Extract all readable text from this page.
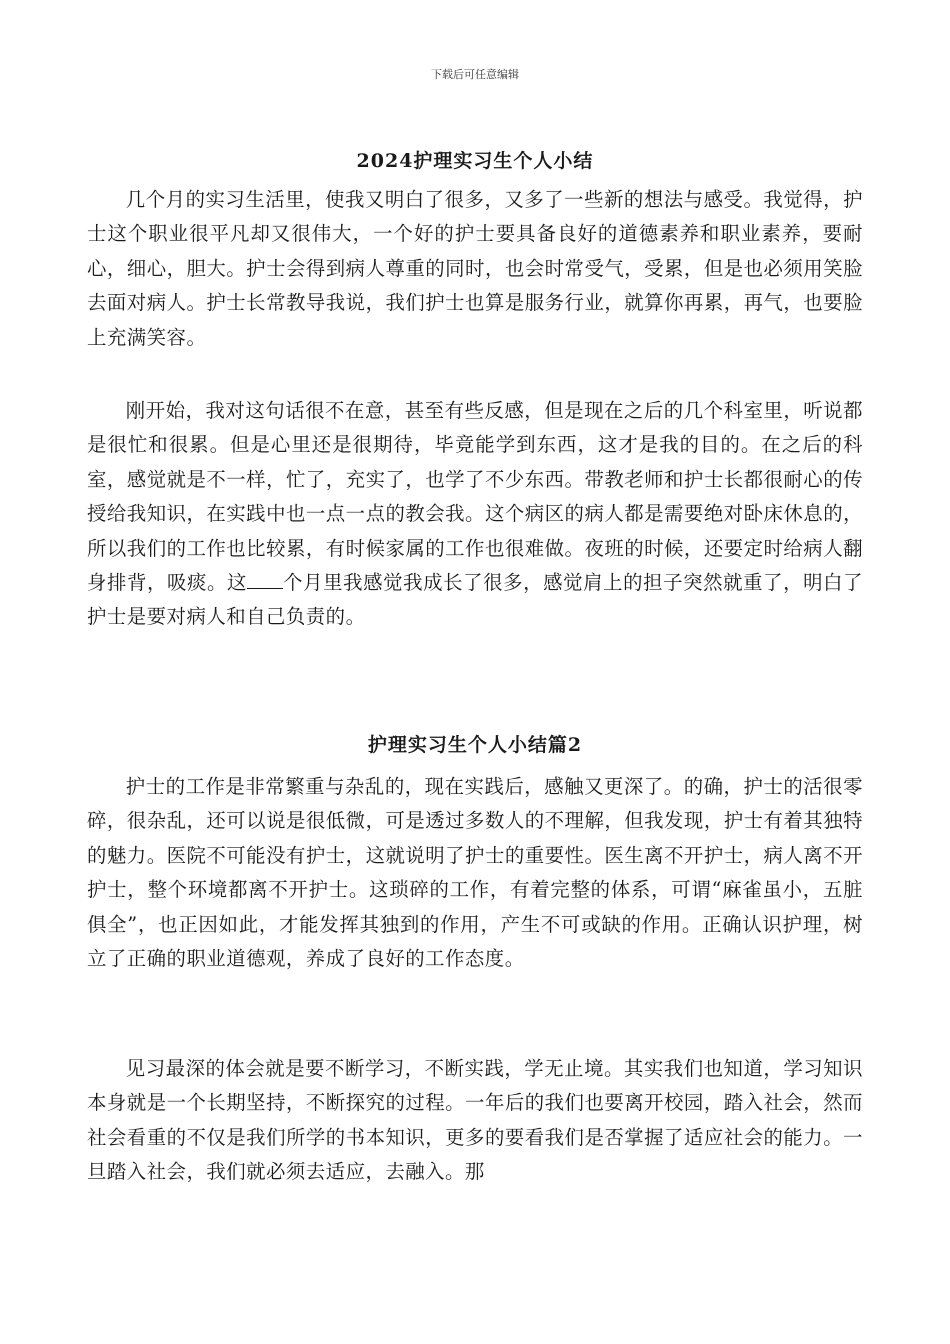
下载后可任意编辑
2024护理实习生个人小结

几个月的实习生活里，使我又明白了很多，又多了一些新的想法与感受。我觉得，护士这个职业很平凡却又很伟大，一个好的护士要具备良好的道德素养和职业素养，要耐心，细心，胆大。护士会得到病人尊重的同时，也会时常受气，受累，但是也必须用笑脸去面对病人。护士长常教导我说，我们护士也算是服务行业，就算你再累，再气，也要脸上充满笑容。

刚开始，我对这句话很不在意，甚至有些反感，但是现在之后的几个科室里，听说都是很忙和很累。但是心里还是很期待，毕竟能学到东西，这才是我的目的。在之后的科室，感觉就是不一样，忙了，充实了，也学了不少东西。带教老师和护士长都很耐心的传授给我知识，在实践中也一点一点的教会我。这个病区的病人都是需要绝对卧床休息的，所以我们的工作也比较累，有时候家属的工作也很难做。夜班的时候，还要定时给病人翻身排背，吸痰。这 个月里我感觉我成长了很多，感觉肩上的担子突然就重了，明白了护士是要对病人和自己负责的。

护理实习生个人小结篇2

护士的工作是非常繁重与杂乱的，现在实践后，感触又更深了。的确，护士的活很零碎，很杂乱，还可以说是很低微，可是透过多数人的不理解，但我发现，护士有着其独特的魅力。医院不可能没有护士，这就说明了护士的重要性。医生离不开护士，病人离不开护士，整个环境都离不开护士。这琐碎的工作，有着完整的体系，可谓“麻雀虽小，五脏俱全”，也正因如此，才能发挥其独到的作用，产生不可或缺的作用。正确认识护理，树立了正确的职业道德观，养成了良好的工作态度。

见习最深的体会就是要不断学习，不断实践，学无止境。其实我们也知道，学习知识本身就是一个长期坚持，不断探究的过程。一年后的我们也要离开校园，踏入社会，然而社会看重的不仅是我们所学的书本知识，更多的要看我们是否掌握了适应社会的能力。一旦踏入社会，我们就必须去适应，去融入。那
